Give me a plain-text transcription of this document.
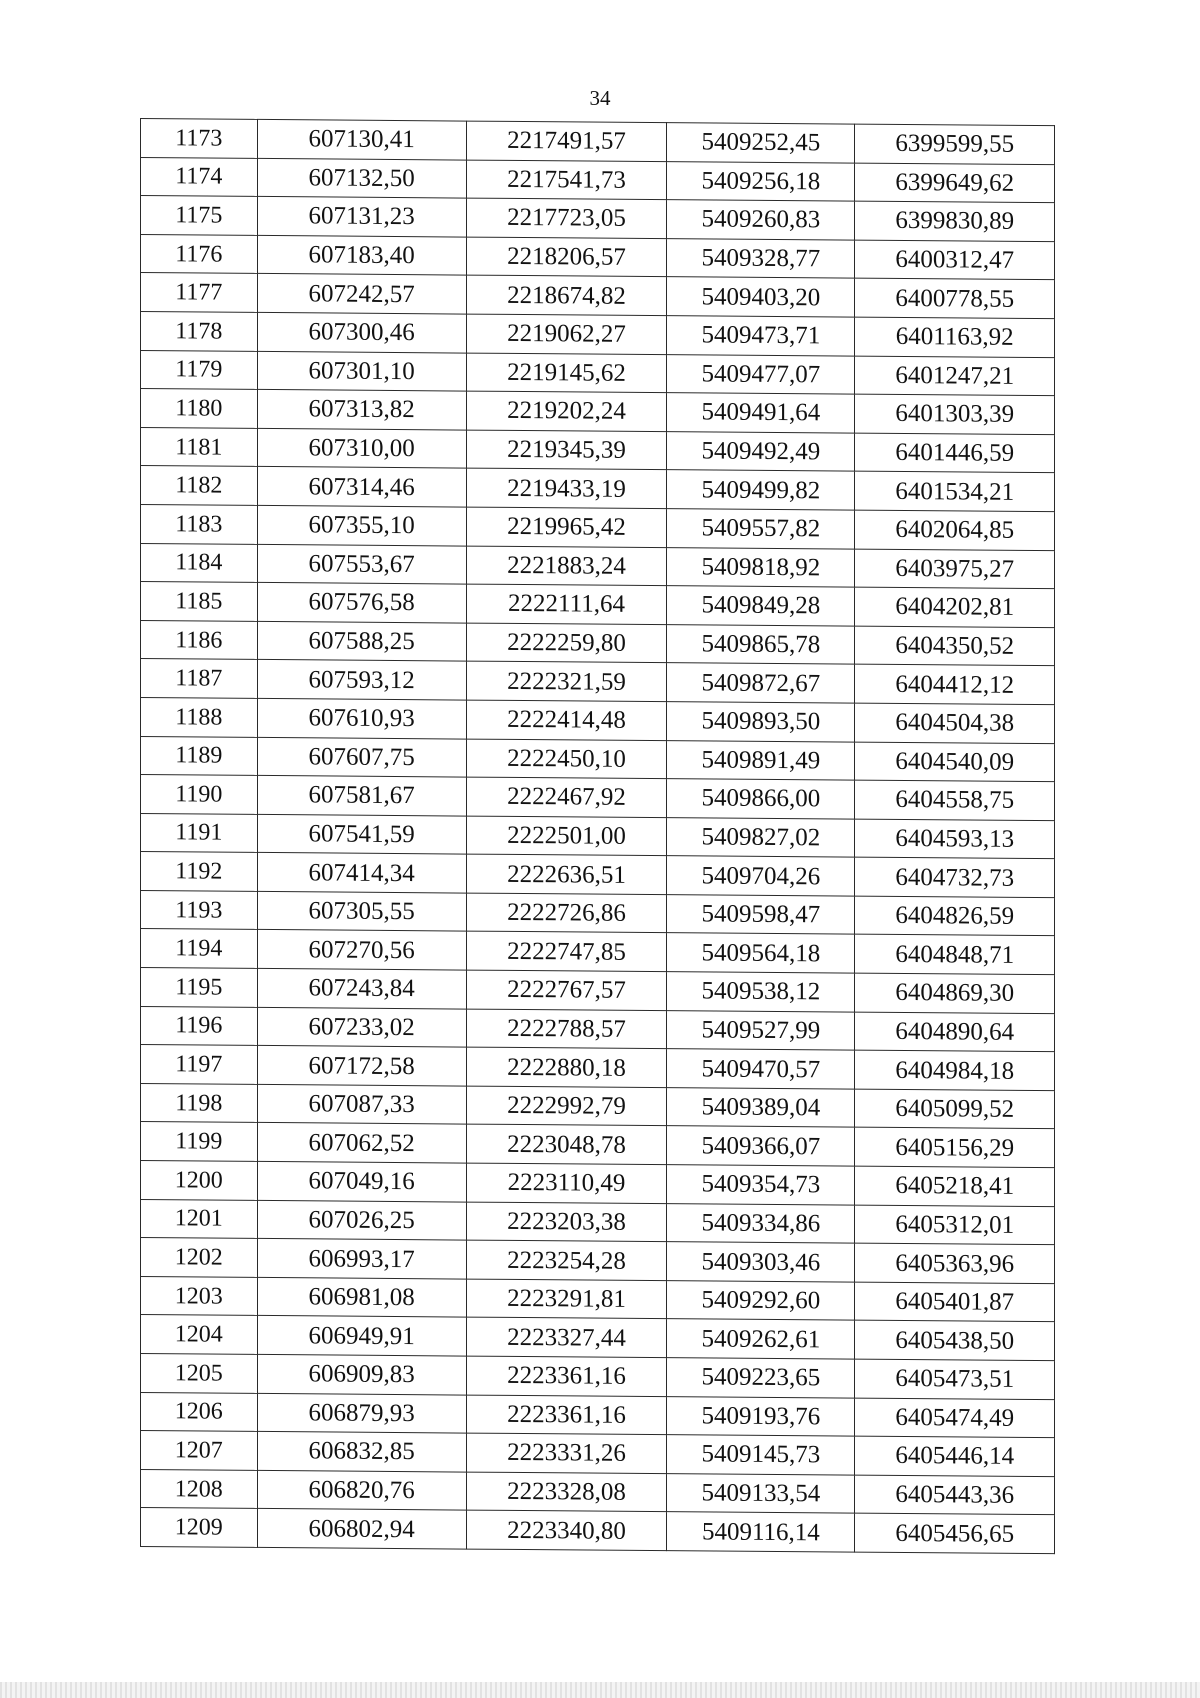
34
1173	607130,41	2217491,57	5409252,45	6399599,55
1174	607132,50	2217541,73	5409256,18	6399649,62
1175	607131,23	2217723,05	5409260,83	6399830,89
1176	607183,40	2218206,57	5409328,77	6400312,47
1177	607242,57	2218674,82	5409403,20	6400778,55
1178	607300,46	2219062,27	5409473,71	6401163,92
1179	607301,10	2219145,62	5409477,07	6401247,21
1180	607313,82	2219202,24	5409491,64	6401303,39
1181	607310,00	2219345,39	5409492,49	6401446,59
1182	607314,46	2219433,19	5409499,82	6401534,21
1183	607355,10	2219965,42	5409557,82	6402064,85
1184	607553,67	2221883,24	5409818,92	6403975,27
1185	607576,58	2222111,64	5409849,28	6404202,81
1186	607588,25	2222259,80	5409865,78	6404350,52
1187	607593,12	2222321,59	5409872,67	6404412,12
1188	607610,93	2222414,48	5409893,50	6404504,38
1189	607607,75	2222450,10	5409891,49	6404540,09
1190	607581,67	2222467,92	5409866,00	6404558,75
1191	607541,59	2222501,00	5409827,02	6404593,13
1192	607414,34	2222636,51	5409704,26	6404732,73
1193	607305,55	2222726,86	5409598,47	6404826,59
1194	607270,56	2222747,85	5409564,18	6404848,71
1195	607243,84	2222767,57	5409538,12	6404869,30
1196	607233,02	2222788,57	5409527,99	6404890,64
1197	607172,58	2222880,18	5409470,57	6404984,18
1198	607087,33	2222992,79	5409389,04	6405099,52
1199	607062,52	2223048,78	5409366,07	6405156,29
1200	607049,16	2223110,49	5409354,73	6405218,41
1201	607026,25	2223203,38	5409334,86	6405312,01
1202	606993,17	2223254,28	5409303,46	6405363,96
1203	606981,08	2223291,81	5409292,60	6405401,87
1204	606949,91	2223327,44	5409262,61	6405438,50
1205	606909,83	2223361,16	5409223,65	6405473,51
1206	606879,93	2223361,16	5409193,76	6405474,49
1207	606832,85	2223331,26	5409145,73	6405446,14
1208	606820,76	2223328,08	5409133,54	6405443,36
1209	606802,94	2223340,80	5409116,14	6405456,65
